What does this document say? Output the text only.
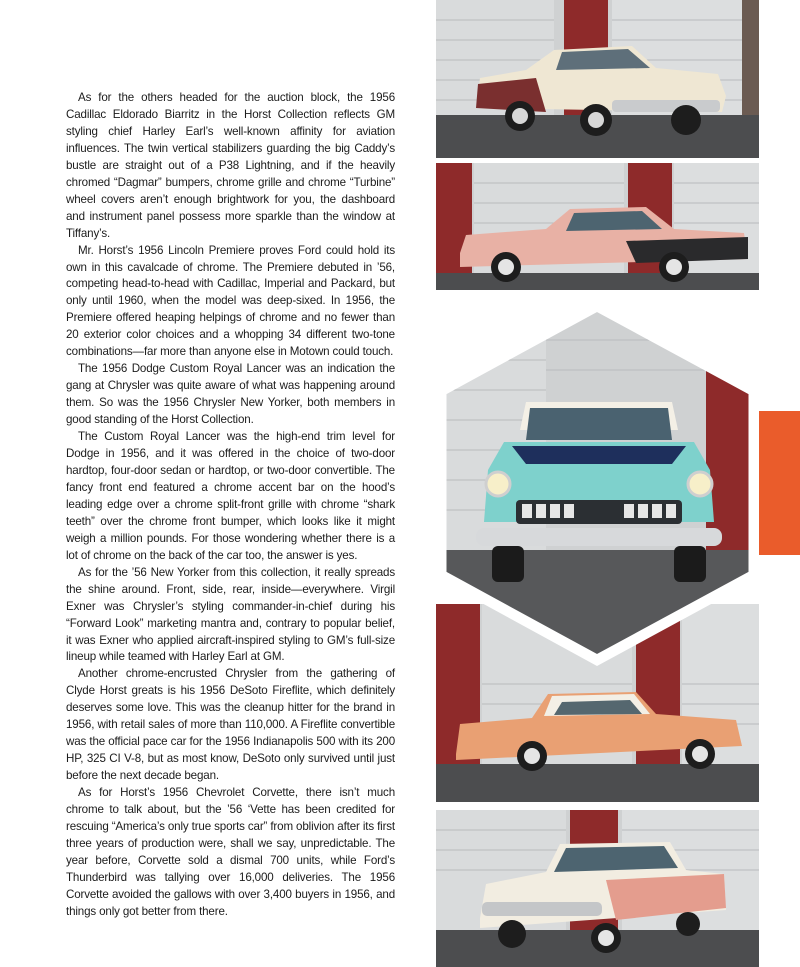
As for the others headed for the auction block, the 1956 Cadillac Eldorado Biarritz in the Horst Collection reflects GM styling chief Harley Earl’s well-known affinity for aviation influences. The twin vertical stabilizers guarding the big Caddy’s bustle are straight out of a P38 Lightning, and if the heavily chromed “Dagmar” bumpers, chrome grille and chrome “Turbine” wheel covers aren’t enough brightwork for you, the dashboard and instrument panel possess more sparkle than the window at Tiffany’s.

Mr. Horst’s 1956 Lincoln Premiere proves Ford could hold its own in this cavalcade of chrome. The Premiere debuted in ’56, competing head-to-head with Cadillac, Imperial and Packard, but only until 1960, when the model was deep-sixed. In 1956, the Premiere offered heaping helpings of chrome and no fewer than 20 exterior color choices and a whopping 34 different two-tone combinations—far more than anyone else in Motown could touch.

The 1956 Dodge Custom Royal Lancer was an indication the gang at Chrysler was quite aware of what was happening around them. So was the 1956 Chrysler New Yorker, both members in good standing of the Horst Collection.

The Custom Royal Lancer was the high-end trim level for Dodge in 1956, and it was offered in the choice of two-door hardtop, four-door sedan or hardtop, or two-door convertible. The fancy front end featured a chrome accent bar on the hood’s leading edge over a chrome split-front grille with chrome “shark teeth” over the chrome front bumper, which looks like it might weigh a million pounds. For those wondering whether there is a lot of chrome on the back of the car too, the answer is yes.

As for the ’56 New Yorker from this collection, it really spreads the shine around. Front, side, rear, inside—everywhere. Virgil Exner was Chrysler’s styling commander-in-chief during his “Forward Look” marketing mantra and, contrary to popular belief, it was Exner who applied aircraft-inspired styling to GM’s full-size lineup while teamed with Harley Earl at GM.

Another chrome-encrusted Chrysler from the gathering of Clyde Horst greats is his 1956 DeSoto Fireflite, which definitely deserves some love. This was the cleanup hitter for the brand in 1956, with retail sales of more than 110,000. A Fireflite convertible was the official pace car for the 1956 Indianapolis 500 with its 200 HP, 325 CI V-8, but as most know, DeSoto only survived until just before the next decade began.

As for Horst’s 1956 Chevrolet Corvette, there isn’t much chrome to talk about, but the ’56 ‘Vette has been credited for rescuing “America’s only true sports car” from oblivion after its first three years of production were, shall we say, unpredictable. The year before, Corvette sold a dismal 700 units, while Ford’s Thunderbird was tallying over 16,000 deliveries. The 1956 Corvette avoided the gallows with over 3,400 buyers in 1956, and things only got better from there.
